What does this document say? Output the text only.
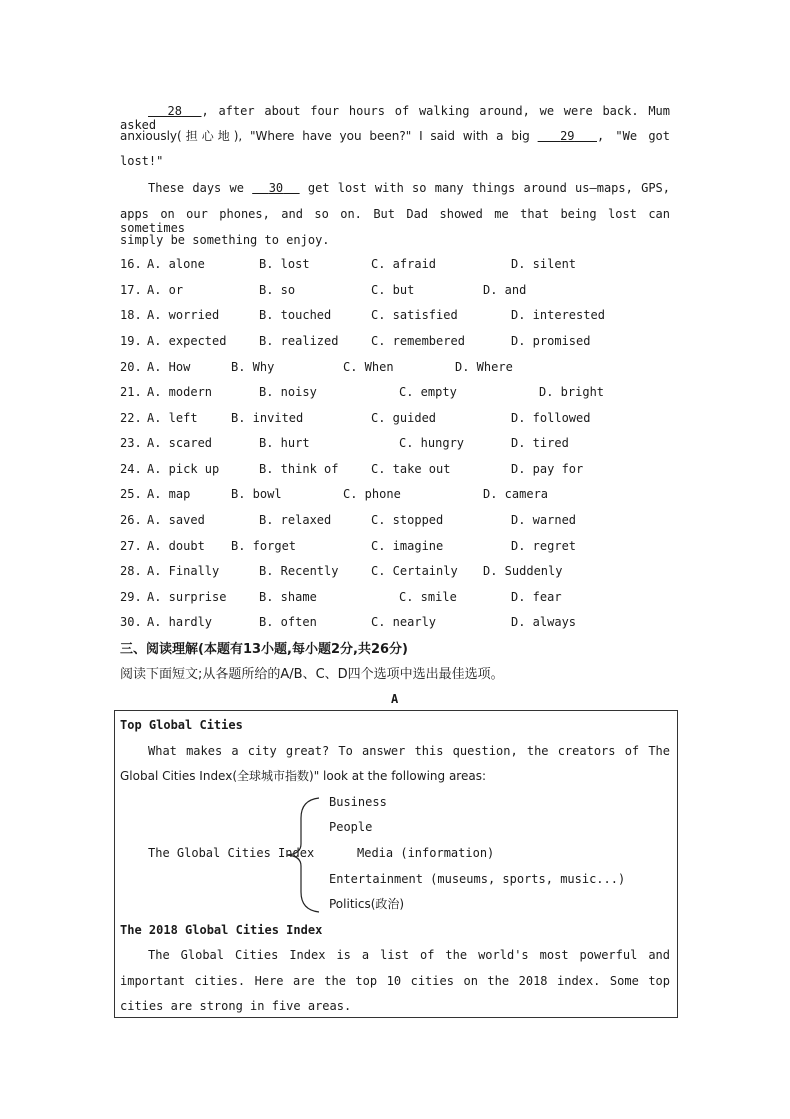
28 , after about four hours of walking around, we were back. Mum asked
anxiously(担心地), "Where have you been?" I said with a big   29 , "We got
lost!"
These days we   30   get lost with so many things around us—maps, GPS,
apps on our phones, and so on. But Dad showed me that being lost can sometimes
simply be something to enjoy.
16. A. alone	B. lost	C. afraid	D. silent
17. A. or	B. so	C. but	D. and
18. A. worried	B. touched	C. satisfied	D. interested
19. A. expected	B. realized	C. remembered	D. promised
20. A. How	B. Why	C. When	D. Where
21. A. modern	B. noisy	C. empty	D. bright
22. A. left	B. invited	C. guided	D. followed
23. A. scared	B. hurt	C. hungry	D. tired
24. A. pick up	B. think of	C. take out	D. pay for
25. A. map	B. bowl	C. phone	D. camera
26. A. saved	B. relaxed	C. stopped	D. warned
27. A. doubt B. forget	C. imagine	D. regret
28. A. Finally	B. Recently	C. Certainly D. Suddenly
29. A. surprise	B. shame	C. smile	D. fear
30. A. hardly	B. often	C. nearly	D. always
三、阅读理解(本题有13小题,每小题2分,共26分)
阅读下面短文;从各题所给的A/B、C、D四个选项中选出最佳选项。
A
Top Global Cities
What makes a city great? To answer this question, the creators of The
Global Cities Index(全球城市指数)" look at the following areas:
The Global Cities Index
Business
People
Media (information)
Entertainment (museums, sports, music...)
Politics(政治)
The 2018 Global Cities Index
The Global Cities Index is a list of the world's most powerful and
important cities. Here are the top 10 cities on the 2018 index. Some top
cities are strong in five areas.
